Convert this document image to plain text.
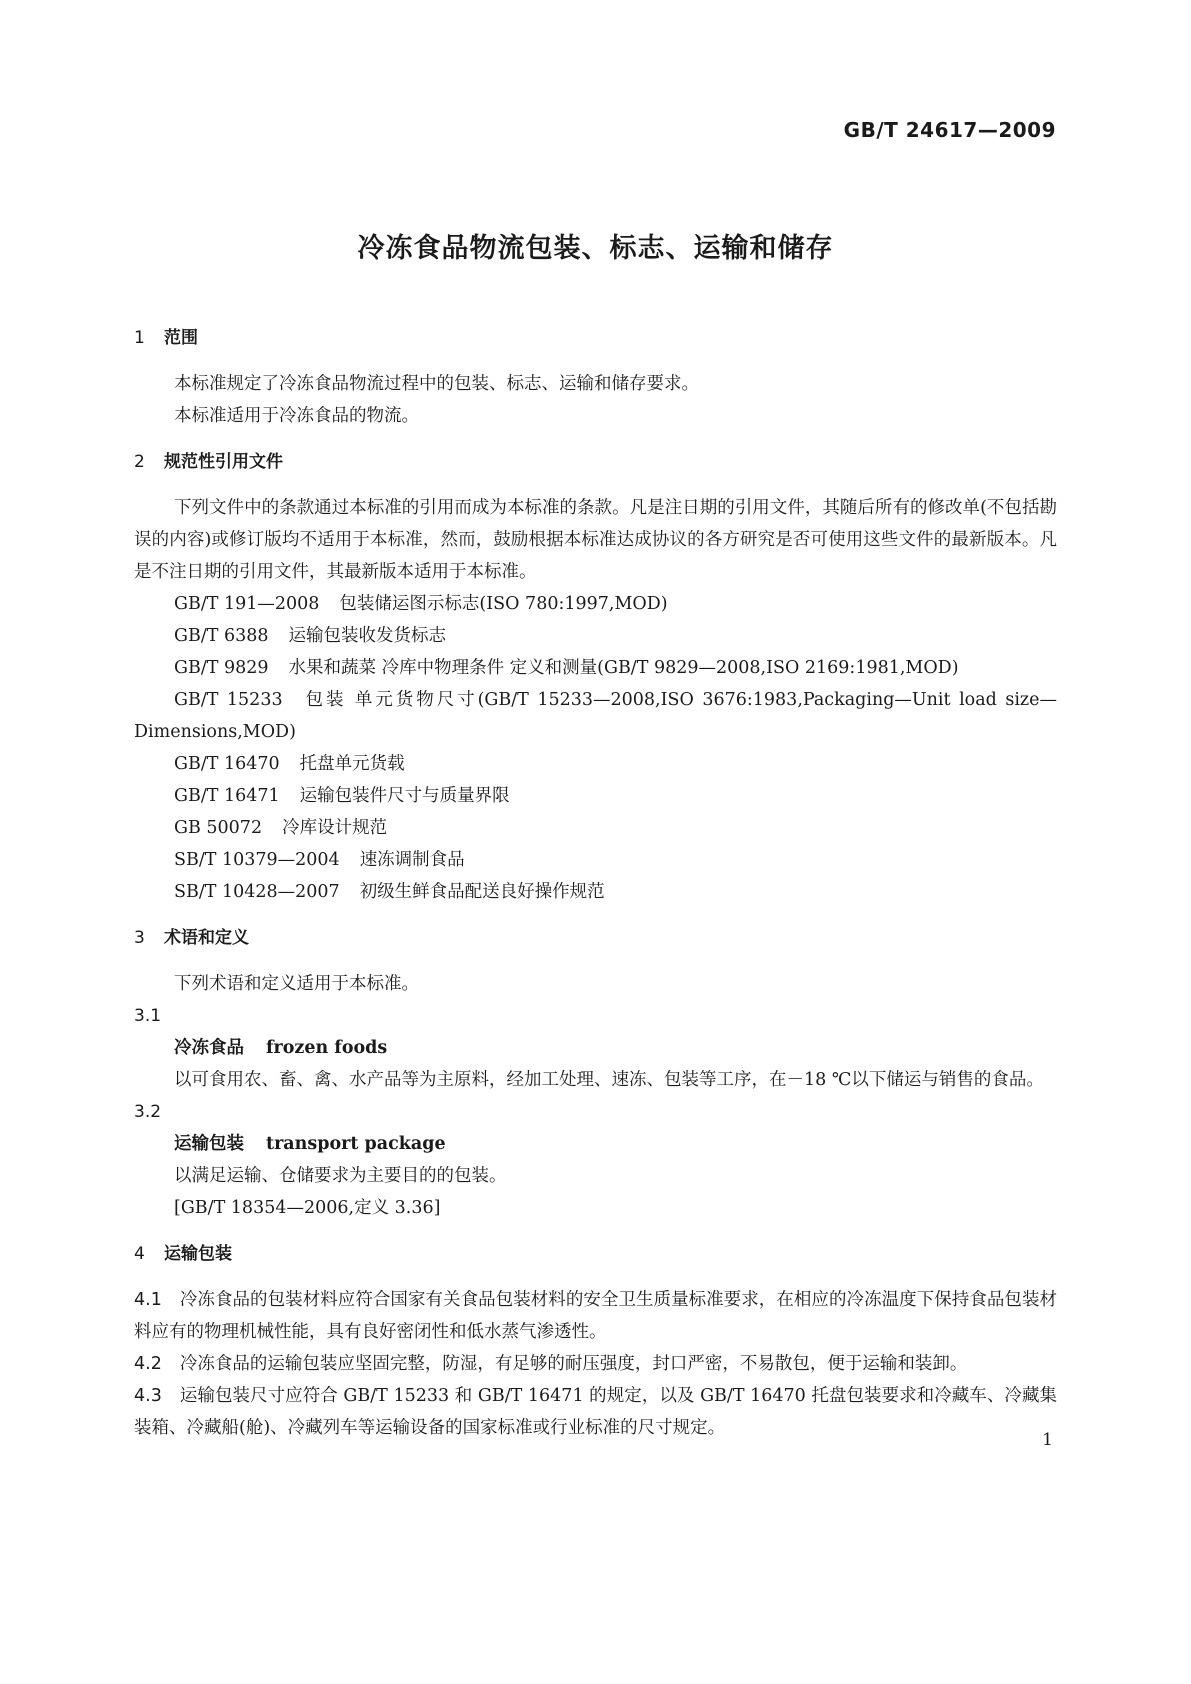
GB/T 24617—2009
冷冻食品物流包装、标志、运输和储存

1 范围

本标准规定了冷冻食品物流过程中的包装、标志、运输和储存要求。

本标准适用于冷冻食品的物流。

2 规范性引用文件

下列文件中的条款通过本标准的引用而成为本标准的条款。凡是注日期的引用文件，其随后所有的修改单(不包括勘误的内容)或修订版均不适用于本标准，然而，鼓励根据本标准达成协议的各方研究是否可使用这些文件的最新版本。凡是不注日期的引用文件，其最新版本适用于本标准。

GB/T 191—2008 包装储运图示标志(ISO 780:1997,MOD)

GB/T 6388 运输包装收发货标志

GB/T 9829 水果和蔬菜 冷库中物理条件 定义和测量(GB/T 9829—2008,ISO 2169:1981,MOD)

GB/T 15233 包装 单元货物尺寸(GB/T 15233—2008,ISO 3676:1983,Packaging—Unit load size—Dimensions,MOD)

GB/T 16470 托盘单元货载

GB/T 16471 运输包装件尺寸与质量界限

GB 50072 冷库设计规范

SB/T 10379—2004 速冻调制食品

SB/T 10428—2007 初级生鲜食品配送良好操作规范

3 术语和定义

下列术语和定义适用于本标准。

3.1

冷冻食品 frozen foods

以可食用农、畜、禽、水产品等为主原料，经加工处理、速冻、包装等工序，在－18 ℃以下储运与销售的食品。

3.2

运输包装 transport package

以满足运输、仓储要求为主要目的的包装。

[GB/T 18354—2006,定义 3.36]

4 运输包装

4.1 冷冻食品的包装材料应符合国家有关食品包装材料的安全卫生质量标准要求，在相应的冷冻温度下保持食品包装材料应有的物理机械性能，具有良好密闭性和低水蒸气渗透性。

4.2 冷冻食品的运输包装应坚固完整，防湿，有足够的耐压强度，封口严密，不易散包，便于运输和装卸。

4.3 运输包装尺寸应符合 GB/T 15233 和 GB/T 16471 的规定，以及 GB/T 16470 托盘包装要求和冷藏车、冷藏集装箱、冷藏船(舱)、冷藏列车等运输设备的国家标准或行业标准的尺寸规定。

1
